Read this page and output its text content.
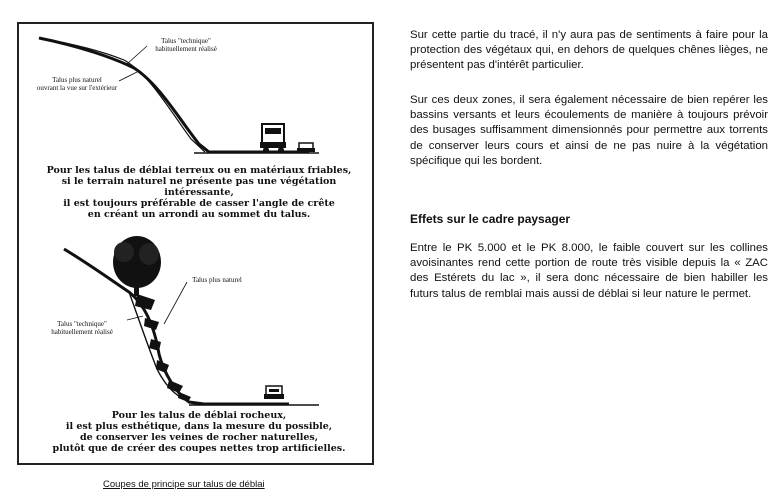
Talus "technique"
habituellement réalisé
Talus plus naturel
ouvrant la vue sur l'extérieur
Pour les talus de déblai terreux ou en matériaux friables,
si le terrain naturel ne présente pas une végétation intéressante,
il est toujours préférable de casser l'angle de crête
en créant un arrondi au sommet du talus.
Talus plus naturel
Talus "technique"
habituellement réalisé
Pour les talus de déblai rocheux,
il est plus esthétique, dans la mesure du possible,
de conserver les veines de rocher naturelles,
plutôt que de créer des coupes nettes trop artificielles.
Coupes de principe sur talus de déblai
Sur cette partie du tracé, il n'y aura pas de sentiments à faire pour la protection des végétaux qui, en dehors de quelques chênes lièges, ne présentent pas d'intérêt particulier.
Sur ces deux zones, il sera également nécessaire de bien repérer les bassins versants et leurs écoulements de manière à toujours prévoir des busages suffisamment dimensionnés pour permettre aux torrents de conserver leurs cours et ainsi de ne pas nuire à la végétation spécifique qui les bordent.
Effets sur le cadre paysager
Entre le PK 5.000 et le PK 8.000, le faible couvert sur les collines avoisinantes rend cette portion de route très visible depuis la « ZAC des Estérets du lac », il sera donc nécessaire de bien habiller les futurs talus de remblai mais aussi de déblai si leur nature le permet.
